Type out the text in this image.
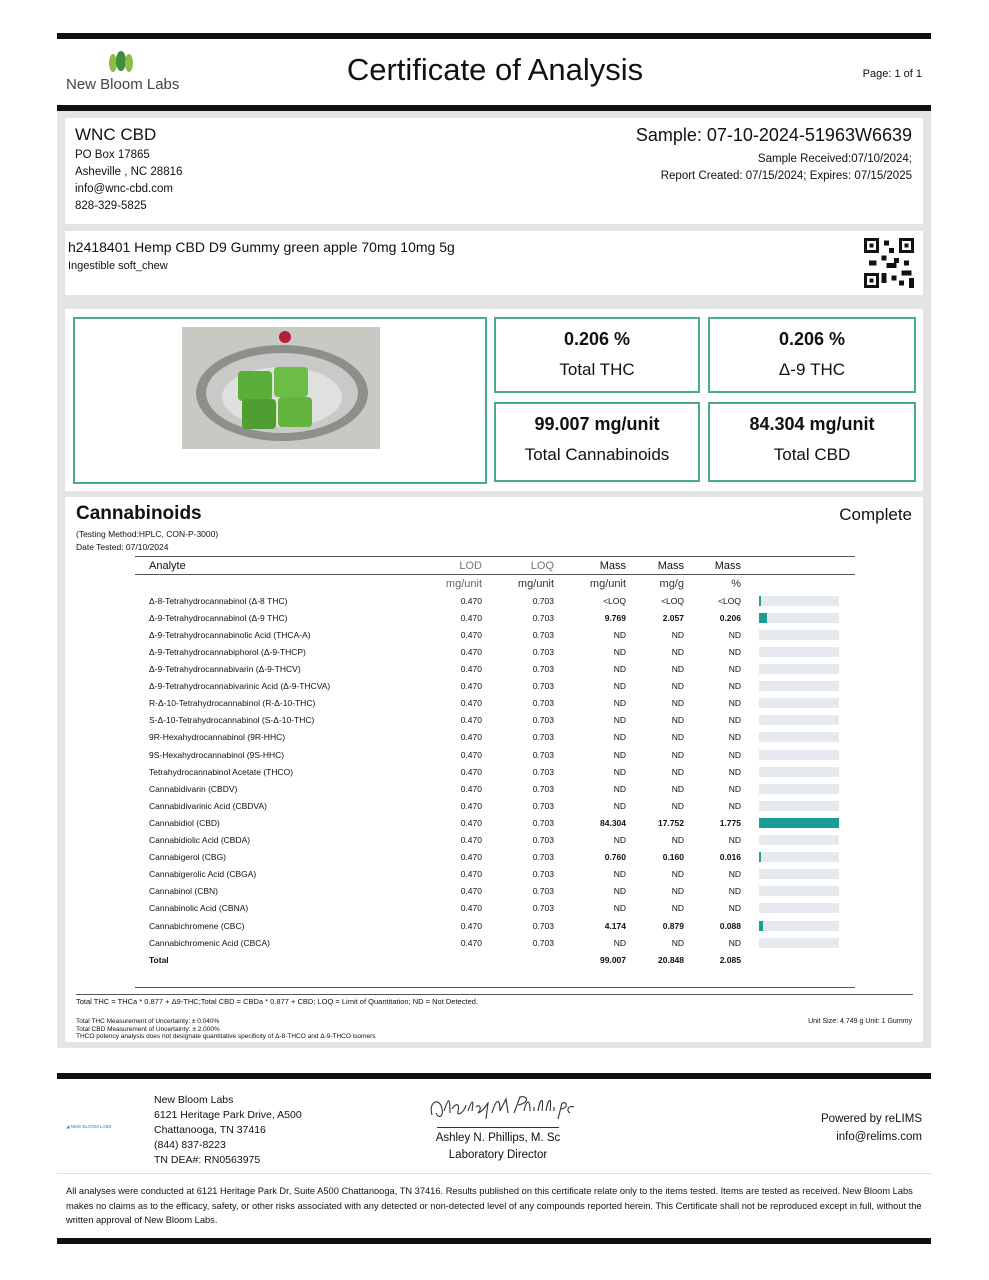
New Bloom Labs	Certificate of Analysis	Page: 1 of 1
WNC CBD
PO Box 17865
Asheville , NC 28816
info@wnc-cbd.com
828-329-5825
Sample: 07-10-2024-51963W6639
Sample Received:07/10/2024;
Report Created: 07/15/2024; Expires: 07/15/2025
h2418401 Hemp CBD D9 Gummy green apple 70mg 10mg 5g
Ingestible soft_chew
0.206 %
Total THC
0.206 %
Δ-9 THC
99.007 mg/unit
Total Cannabinoids
84.304 mg/unit
Total CBD
Cannabinoids	Complete
(Testing Method:HPLC, CON-P-3000)
Date Tested: 07/10/2024
Analyte	LOD	LOQ	Mass	Mass	Mass	
	mg/unit	mg/unit	mg/unit	mg/g	%	
Δ-8-Tetrahydrocannabinol (Δ-8 THC)	0.470	0.703	<LOQ	<LOQ	<LOQ	

Δ-9-Tetrahydrocannabinol (Δ-9 THC)	0.470	0.703	9.769	2.057	0.206	

Δ-9-Tetrahydrocannabinolic Acid (THCA-A)	0.470	0.703	ND	ND	ND	

Δ-9-Tetrahydrocannabiphorol (Δ-9-THCP)	0.470	0.703	ND	ND	ND	

Δ-9-Tetrahydrocannabivarin (Δ-9-THCV)	0.470	0.703	ND	ND	ND	

Δ-9-Tetrahydrocannabivarinic Acid (Δ-9-THCVA)	0.470	0.703	ND	ND	ND	

R-Δ-10-Tetrahydrocannabinol (R-Δ-10-THC)	0.470	0.703	ND	ND	ND	

S-Δ-10-Tetrahydrocannabinol (S-Δ-10-THC)	0.470	0.703	ND	ND	ND	

9R-Hexahydrocannabinol (9R-HHC)	0.470	0.703	ND	ND	ND	

9S-Hexahydrocannabinol (9S-HHC)	0.470	0.703	ND	ND	ND	

Tetrahydrocannabinol Acetate (THCO)	0.470	0.703	ND	ND	ND	

Cannabidivarin (CBDV)	0.470	0.703	ND	ND	ND	

Cannabidivarinic Acid (CBDVA)	0.470	0.703	ND	ND	ND	

Cannabidiol (CBD)	0.470	0.703	84.304	17.752	1.775	

Cannabidiolic Acid (CBDA)	0.470	0.703	ND	ND	ND	

Cannabigerol (CBG)	0.470	0.703	0.760	0.160	0.016	

Cannabigerolic Acid (CBGA)	0.470	0.703	ND	ND	ND	

Cannabinol (CBN)	0.470	0.703	ND	ND	ND	

Cannabinolic Acid (CBNA)	0.470	0.703	ND	ND	ND	

Cannabichromene (CBC)	0.470	0.703	4.174	0.879	0.088	

Cannabichromenic Acid (CBCA)	0.470	0.703	ND	ND	ND	

Total			99.007	20.848	2.085	
Total THC = THCa * 0.877 + Δ9-THC;Total CBD = CBDa * 0.877 + CBD; LOQ = Limit of Quantitation; ND = Not Detected.
Total THC Measurement of Uncertainty: ± 0.040%
Total CBD Measurement of Uncertainty: ± 2.000%
THCO potency analysis does not designate quantitative specificity of Δ-8-THCO and Δ-9-THCO isomers
Unit Size: 4.749 g Unit: 1 Gummy
◢ NEW BLOOM LABS
New Bloom Labs
6121 Heritage Park Drive, A500
Chattanooga, TN 37416
(844) 837-8223
TN DEA#: RN0563975
Ashley N. Phillips, M. Sc
Laboratory Director
Powered by reLIMS
info@relims.com
All analyses were conducted at 6121 Heritage Park Dr, Suite A500 Chattanooga, TN 37416. Results published on this certificate relate only to the items tested. Items are tested as received. New Bloom Labs makes no claims as to the efficacy, safety, or other risks associated with any detected or non-detected level of any compounds reported herein. This Certificate shall not be reproduced except in full, without the written approval of New Bloom Labs.
